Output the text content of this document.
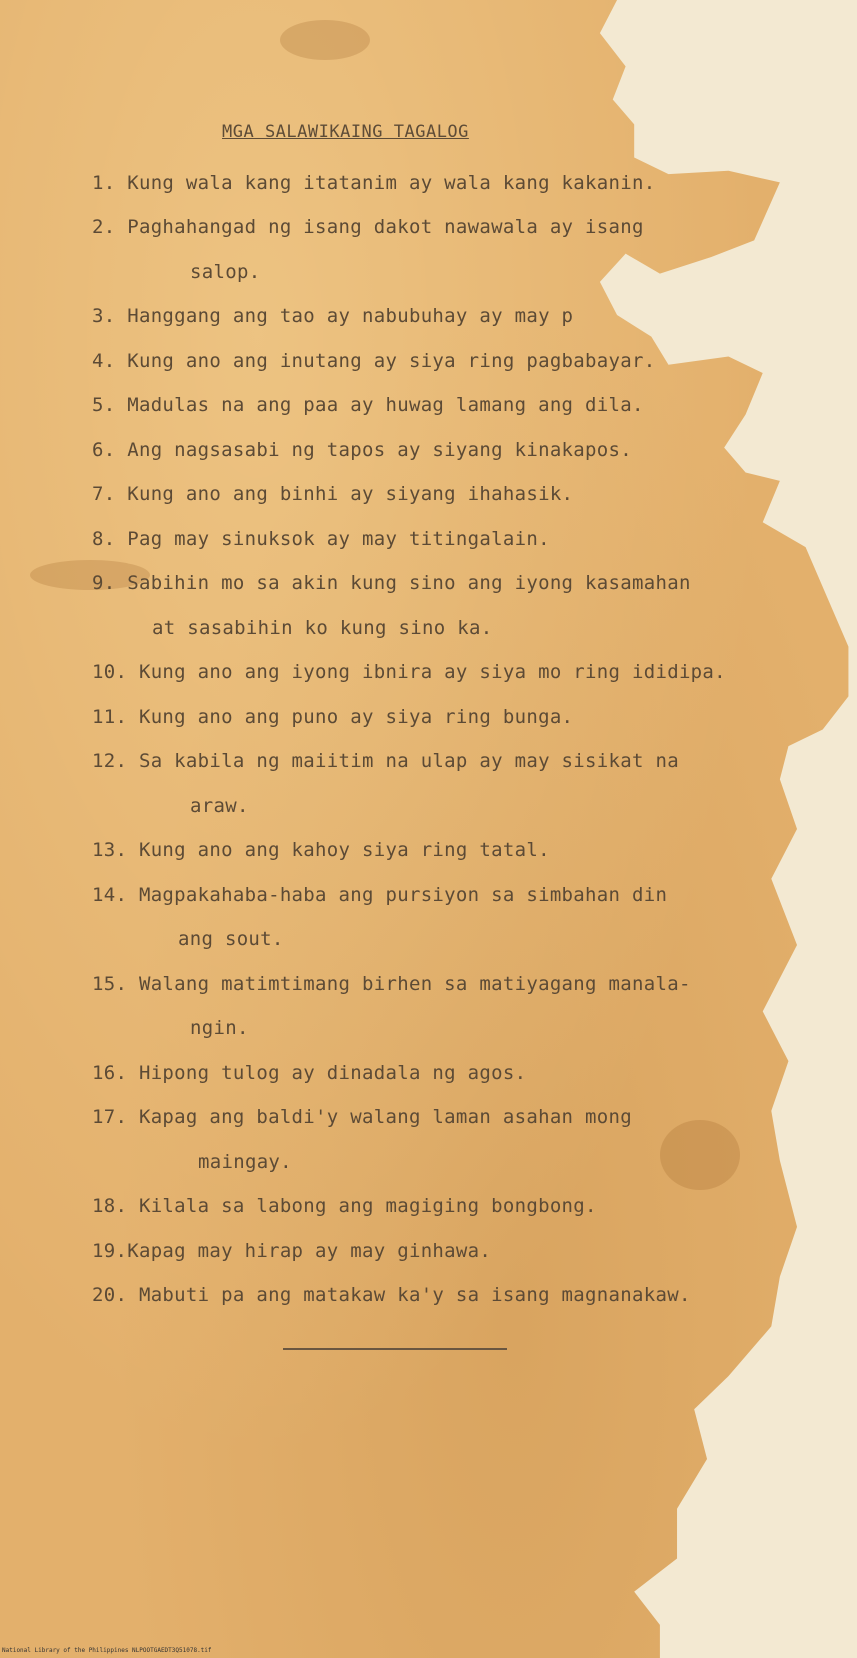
MGA SALAWIKAING TAGALOG
1. Kung wala kang itatanim ay wala kang kakanin.
2. Paghahangad ng isang dakot nawawala ay isang
salop.
3. Hanggang ang tao ay nabubuhay ay may p
4. Kung ano ang inutang ay siya ring pagbabayar.
5. Madulas na ang paa ay huwag lamang ang dila.
6. Ang nagsasabi ng tapos ay siyang kinakapos.
7. Kung ano ang binhi ay siyang ihahasik.
8. Pag may sinuksok ay may titingalain.
9. Sabihin mo sa akin kung sino ang iyong kasamahan
at sasabihin ko kung sino ka.
10. Kung ano ang iyong ibnira ay siya mo ring ididipa.
11. Kung ano ang puno ay siya ring bunga.
12. Sa kabila ng maiitim na ulap ay may sisikat na
araw.
13. Kung ano ang kahoy siya ring tatal.
14. Magpakahaba-haba ang pursiyon sa simbahan din
ang sout.
15. Walang matimtimang birhen sa matiyagang manala-
ngin.
16. Hipong tulog ay dinadala ng agos.
17. Kapag ang baldi'y walang laman asahan mong
maingay.
18. Kilala sa labong ang magiging bongbong.
19.Kapag may hirap ay may ginhawa.
20. Mabuti pa ang matakaw ka'y sa isang magnanakaw.
National Library of the Philippines NLPOOTGAEDT3Q51078.tif
